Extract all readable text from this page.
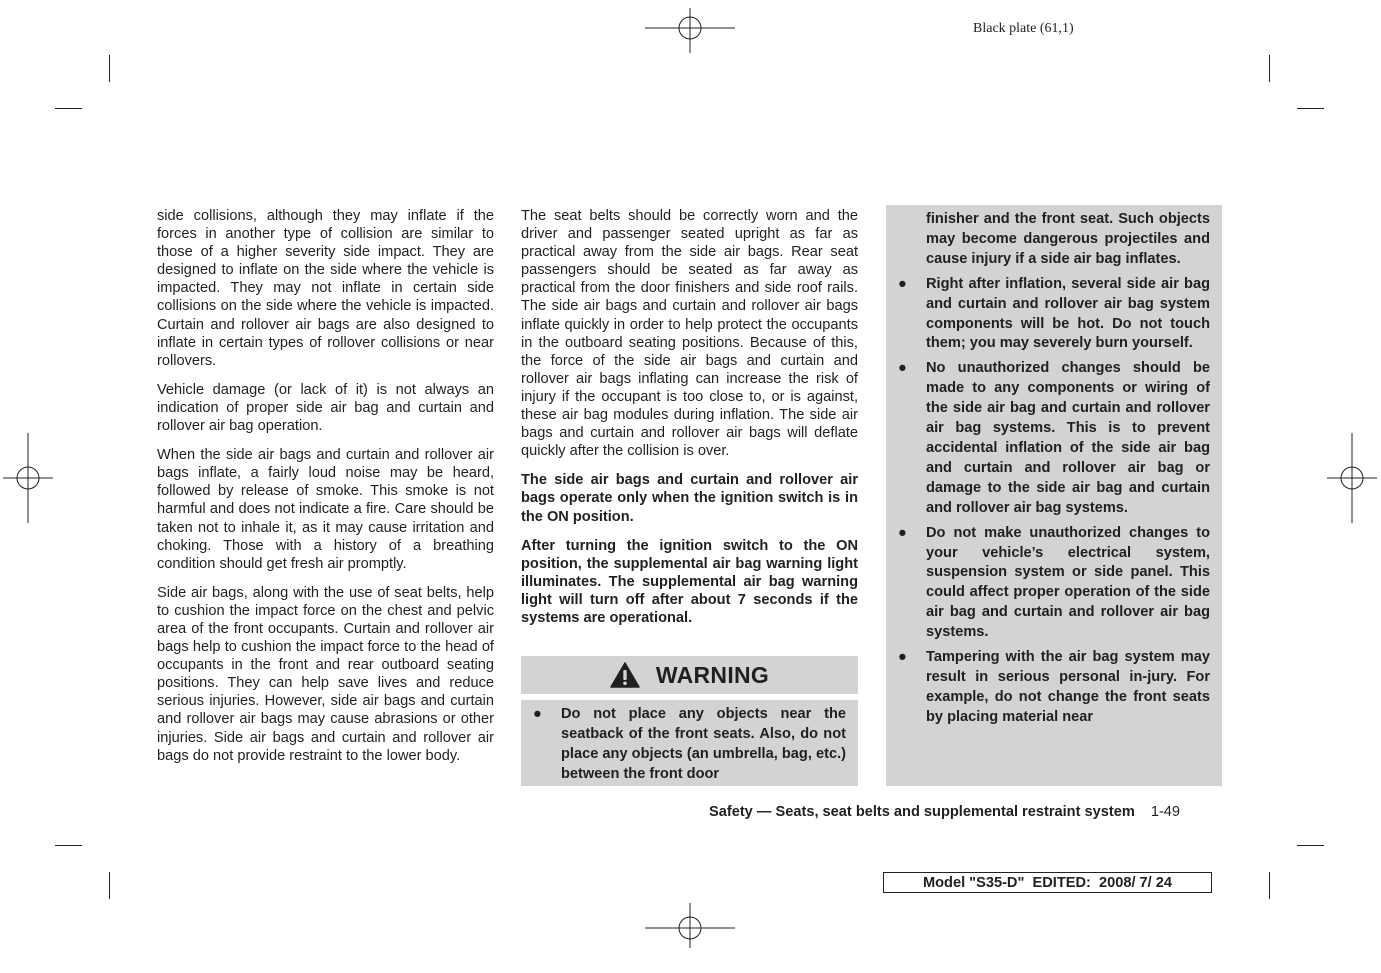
Black plate (61,1)

side collisions, although they may inflate if the forces in another type of collision are similar to those of a higher severity side impact. They are designed to inflate on the side where the vehicle is impacted. They may not inflate in certain side collisions on the side where the vehicle is impacted. Curtain and rollover air bags are also designed to inflate in certain types of rollover collisions or near rollovers.

Vehicle damage (or lack of it) is not always an indication of proper side air bag and curtain and rollover air bag operation.

When the side air bags and curtain and rollover air bags inflate, a fairly loud noise may be heard, followed by release of smoke. This smoke is not harmful and does not indicate a fire. Care should be taken not to inhale it, as it may cause irritation and choking. Those with a history of a breathing condition should get fresh air promptly.

Side air bags, along with the use of seat belts, help to cushion the impact force on the chest and pelvic area of the front occupants. Curtain and rollover air bags help to cushion the impact force to the head of occupants in the front and rear outboard seating positions. They can help save lives and reduce serious injuries. However, side air bags and curtain and rollover air bags may cause abrasions or other injuries. Side air bags and curtain and rollover air bags do not provide restraint to the lower body.

The seat belts should be correctly worn and the driver and passenger seated upright as far as practical away from the side air bags. Rear seat passengers should be seated as far away as practical from the door finishers and side roof rails. The side air bags and curtain and rollover air bags inflate quickly in order to help protect the occupants in the outboard seating positions. Because of this, the force of the side air bags and curtain and rollover air bags inflating can increase the risk of injury if the occupant is too close to, or is against, these air bag modules during inflation. The side air bags and curtain and rollover air bags will deflate quickly after the collision is over.

The side air bags and curtain and rollover air bags operate only when the ignition switch is in the ON position.

After turning the ignition switch to the ON position, the supplemental air bag warning light illuminates. The supplemental air bag warning light will turn off after about 7 seconds if the systems are operational.

WARNING
● Do not place any objects near the seatback of the front seats. Also, do not place any objects (an umbrella, bag, etc.) between the front door
finisher and the front seat. Such objects may become dangerous projectiles and cause injury if a side air bag inflates.
● Right after inflation, several side air bag and curtain and rollover air bag system components will be hot. Do not touch them; you may severely burn yourself.
● No unauthorized changes should be made to any components or wiring of the side air bag and curtain and rollover air bag systems. This is to prevent accidental inflation of the side air bag and curtain and rollover air bag or damage to the side air bag and curtain and rollover air bag systems.
● Do not make unauthorized changes to your vehicle’s electrical system, suspension system or side panel. This could affect proper operation of the side air bag and curtain and rollover air bag systems.
● Tampering with the air bag system may result in serious personal in-jury. For example, do not change the front seats by placing material near
Safety — Seats, seat belts and supplemental restraint system 1-49
Model "S35-D"  EDITED:  2008/ 7/ 24
